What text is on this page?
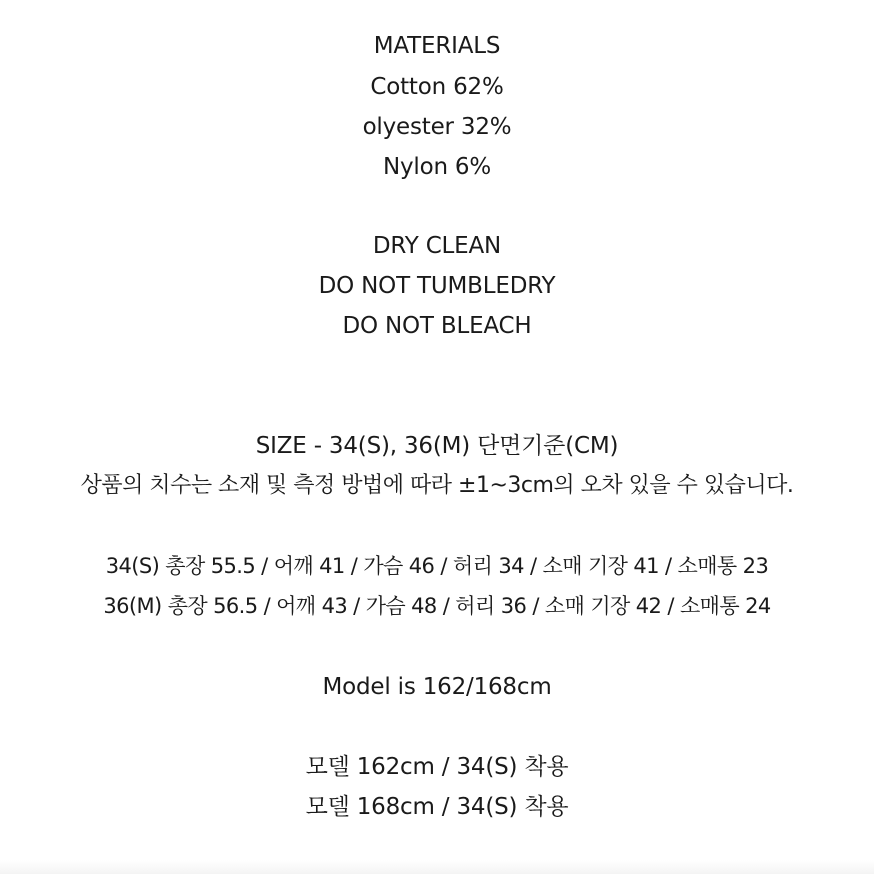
MATERIALS
Cotton 62%
olyester 32%
Nylon 6%
DRY CLEAN
DO NOT TUMBLEDRY
DO NOT BLEACH
SIZE - 34(S), 36(M) 단면기준(CM)
상품의 치수는 소재 및 측정 방법에 따라 ±1~3cm의 오차 있을 수 있습니다.
34(S) 총장 55.5 / 어깨 41 / 가슴 46 / 허리 34 / 소매 기장 41 / 소매통 23
36(M) 총장 56.5 / 어깨 43 / 가슴 48 / 허리 36 / 소매 기장 42 / 소매통 24
Model is 162/168cm
모델 162cm / 34(S) 착용
모델 168cm / 34(S) 착용
